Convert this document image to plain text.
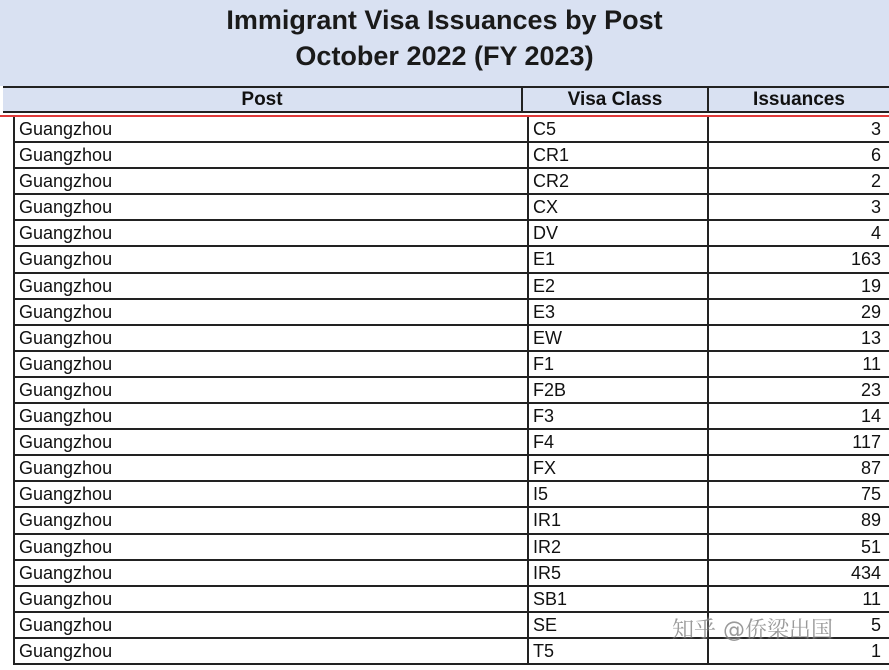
Immigrant Visa Issuances by Post
October 2022 (FY 2023)
Post	Visa Class	Issuances
Guangzhou	C5	3
Guangzhou	CR1	6
Guangzhou	CR2	2
Guangzhou	CX	3
Guangzhou	DV	4
Guangzhou	E1	163
Guangzhou	E2	19
Guangzhou	E3	29
Guangzhou	EW	13
Guangzhou	F1	11
Guangzhou	F2B	23
Guangzhou	F3	14
Guangzhou	F4	117
Guangzhou	FX	87
Guangzhou	I5	75
Guangzhou	IR1	89
Guangzhou	IR2	51
Guangzhou	IR5	434
Guangzhou	SB1	11
Guangzhou	SE	5
Guangzhou	T5	1
知乎 @侨梁出国
